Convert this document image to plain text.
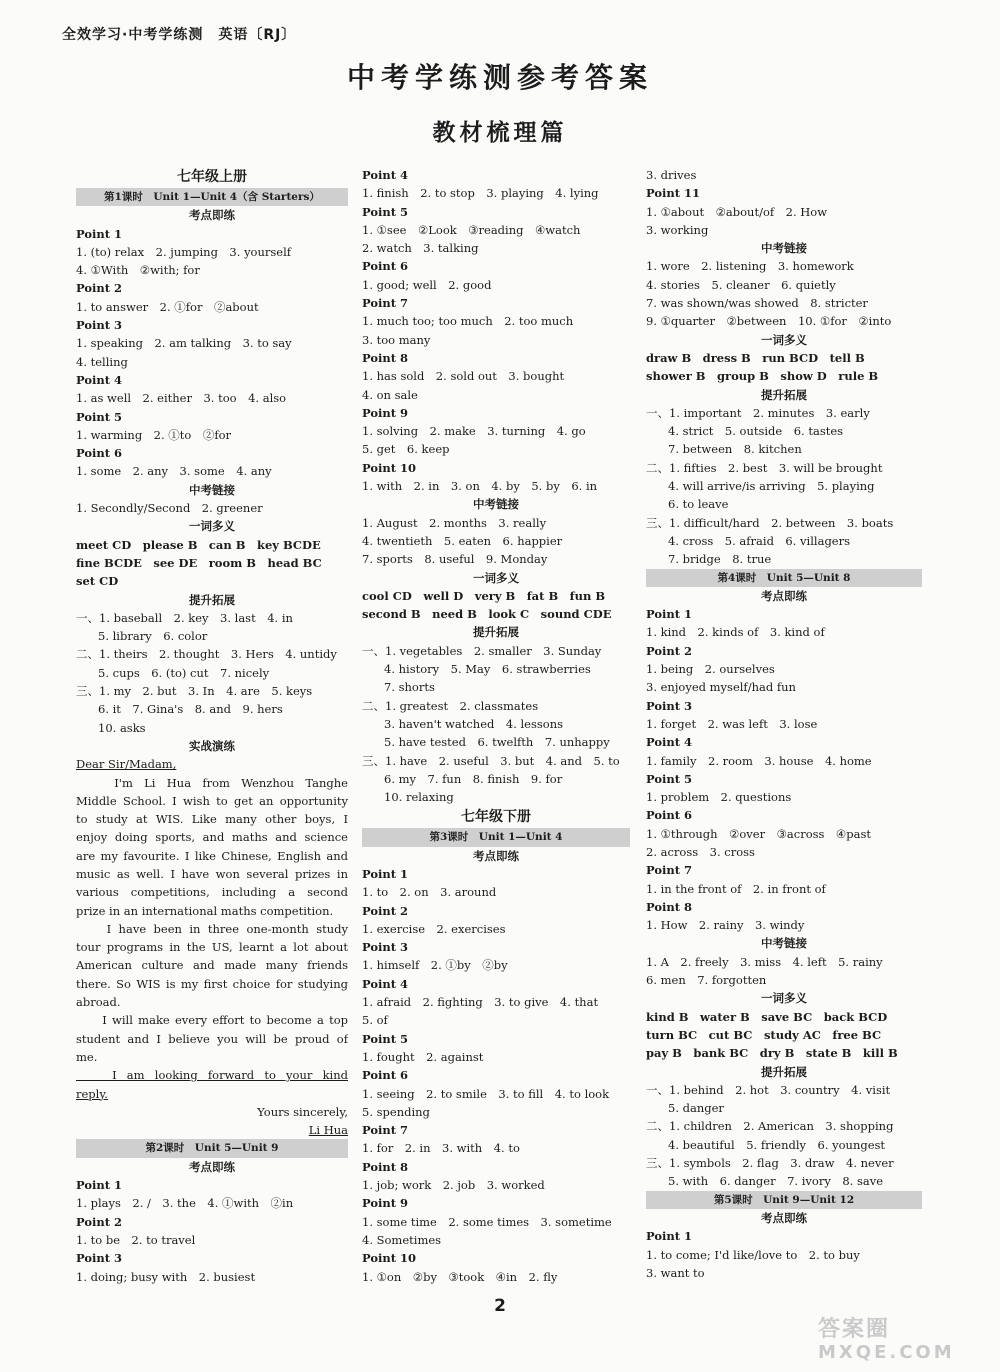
全效学习·中考学练测　英语〔RJ〕
中考学练测参考答案
教材梳理篇
七年级上册
第1课时　Unit 1—Unit 4（含 Starters）
考点即练
Point 1
1. (to) relax　2. jumping　3. yourself
4. ①With　②with; for
Point 2
1. to answer　2. ①for　②about
Point 3
1. speaking　2. am talking　3. to say
4. telling
Point 4
1. as well　2. either　3. too　4. also
Point 5
1. warming　2. ①to　②for
Point 6
1. some　2. any　3. some　4. any
中考链接
1. Secondly/Second　2. greener
一词多义
meet CD　please B　can B　key BCDE
fine BCDE　see DE　room B　head BC
set CD
提升拓展
一、1. baseball　2. key　3. last　4. in
5. library　6. color
二、1. theirs　2. thought　3. Hers　4. untidy
5. cups　6. (to) cut　7. nicely
三、1. my　2. but　3. In　4. are　5. keys
6. it　7. Gina's　8. and　9. hers
10. asks
实战演练
Dear Sir/Madam,
　　I'm Li Hua from Wenzhou Tanghe
Middle School. I wish to get an opportunity
to study at WIS. Like many other boys, I
enjoy doing sports, and maths and science
are my favourite. I like Chinese, English and
music as well. I have won several prizes in
various competitions, including a second
prize in an international maths competition.
　　I have been in three one-month study
tour programs in the US, learnt a lot about
American culture and made many friends
there. So WIS is my first choice for studying
abroad.
　　I will make every effort to become a top
student and I believe you will be proud of
me.
　　I am looking forward to your kind
reply.
Yours sincerely,
Li Hua
第2课时　Unit 5—Unit 9
考点即练
Point 1
1. plays　2. /　3. the　4. ①with　②in
Point 2
1. to be　2. to travel
Point 3
1. doing; busy with　2. busiest
Point 4
1. finish　2. to stop　3. playing　4. lying
Point 5
1. ①see　②Look　③reading　④watch
2. watch　3. talking
Point 6
1. good; well　2. good
Point 7
1. much too; too much　2. too much
3. too many
Point 8
1. has sold　2. sold out　3. bought
4. on sale
Point 9
1. solving　2. make　3. turning　4. go
5. get　6. keep
Point 10
1. with　2. in　3. on　4. by　5. by　6. in
中考链接
1. August　2. months　3. really
4. twentieth　5. eaten　6. happier
7. sports　8. useful　9. Monday
一词多义
cool CD　well D　very B　fat B　fun B
second B　need B　look C　sound CDE
提升拓展
一、1. vegetables　2. smaller　3. Sunday
4. history　5. May　6. strawberries
7. shorts
二、1. greatest　2. classmates
3. haven't watched　4. lessons
5. have tested　6. twelfth　7. unhappy
三、1. have　2. useful　3. but　4. and　5. to
6. my　7. fun　8. finish　9. for
10. relaxing
七年级下册
第3课时　Unit 1—Unit 4
考点即练
Point 1
1. to　2. on　3. around
Point 2
1. exercise　2. exercises
Point 3
1. himself　2. ①by　②by
Point 4
1. afraid　2. fighting　3. to give　4. that
5. of
Point 5
1. fought　2. against
Point 6
1. seeing　2. to smile　3. to fill　4. to look
5. spending
Point 7
1. for　2. in　3. with　4. to
Point 8
1. job; work　2. job　3. worked
Point 9
1. some time　2. some times　3. sometime
4. Sometimes
Point 10
1. ①on　②by　③took　④in　2. fly
3. drives
Point 11
1. ①about　②about/of　2. How
3. working
中考链接
1. wore　2. listening　3. homework
4. stories　5. cleaner　6. quietly
7. was shown/was showed　8. stricter
9. ①quarter　②between　10. ①for　②into
一词多义
draw B　dress B　run BCD　tell B
shower B　group B　show D　rule B
提升拓展
一、1. important　2. minutes　3. early
4. strict　5. outside　6. tastes
7. between　8. kitchen
二、1. fifties　2. best　3. will be brought
4. will arrive/is arriving　5. playing
6. to leave
三、1. difficult/hard　2. between　3. boats
4. cross　5. afraid　6. villagers
7. bridge　8. true
第4课时　Unit 5—Unit 8
考点即练
Point 1
1. kind　2. kinds of　3. kind of
Point 2
1. being　2. ourselves
3. enjoyed myself/had fun
Point 3
1. forget　2. was left　3. lose
Point 4
1. family　2. room　3. house　4. home
Point 5
1. problem　2. questions
Point 6
1. ①through　②over　③across　④past
2. across　3. cross
Point 7
1. in the front of　2. in front of
Point 8
1. How　2. rainy　3. windy
中考链接
1. A　2. freely　3. miss　4. left　5. rainy
6. men　7. forgotten
一词多义
kind B　water B　save BC　back BCD
turn BC　cut BC　study AC　free BC
pay B　bank BC　dry B　state B　kill B
提升拓展
一、1. behind　2. hot　3. country　4. visit
5. danger
二、1. children　2. American　3. shopping
4. beautiful　5. friendly　6. youngest
三、1. symbols　2. flag　3. draw　4. never
5. with　6. danger　7. ivory　8. save
第5课时　Unit 9—Unit 12
考点即练
Point 1
1. to come; I'd like/love to　2. to buy
3. want to
2
答案圈
MXQE.COM
